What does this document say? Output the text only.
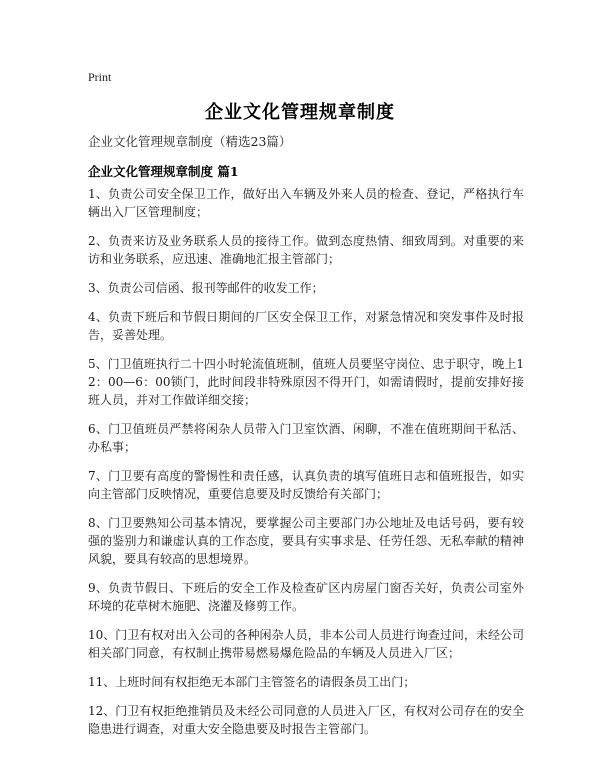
Print
企业文化管理规章制度
企业文化管理规章制度（精选23篇）
企业文化管理规章制度 篇1

1、负责公司安全保卫工作，做好出入车辆及外来人员的检查、登记，严格执行车辆出入厂区管理制度；

2、负责来访及业务联系人员的接待工作。做到态度热情、细致周到。对重要的来访和业务联系，应迅速、准确地汇报主管部门；

3、负责公司信函、报刊等邮件的收发工作；

4、负责下班后和节假日期间的厂区安全保卫工作，对紧急情况和突发事件及时报告，妥善处理。

5、门卫值班执行二十四小时轮流值班制，值班人员要坚守岗位、忠于职守，晚上12：00—6：00锁门，此时间段非特殊原因不得开门，如需请假时，提前安排好接班人员，并对工作做详细交接；

6、门卫值班员严禁将闲杂人员带入门卫室饮酒、闲聊，不准在值班期间干私活、办私事；

7、门卫要有高度的警惕性和责任感，认真负责的填写值班日志和值班报告，如实向主管部门反映情况，重要信息要及时反馈给有关部门；

8、门卫要熟知公司基本情况，要掌握公司主要部门办公地址及电话号码，要有较强的鉴别力和谦虚认真的工作态度，要具有实事求是、任劳任怨、无私奉献的精神风貌，要具有较高的思想境界。

9、负责节假日、下班后的安全工作及检查矿区内房屋门窗否关好，负责公司室外环境的花草树木施肥、浇灌及修剪工作。

10、门卫有权对出入公司的各种闲杂人员，非本公司人员进行询查过问，未经公司相关部门同意，有权制止携带易燃易爆危险品的车辆及人员进入厂区；

11、上班时间有权拒绝无本部门主管签名的请假条员工出门；

12、门卫有权拒绝推销员及未经公司同意的人员进入厂区，有权对公司存在的安全隐患进行调查，对重大安全隐患要及时报告主管部门。
